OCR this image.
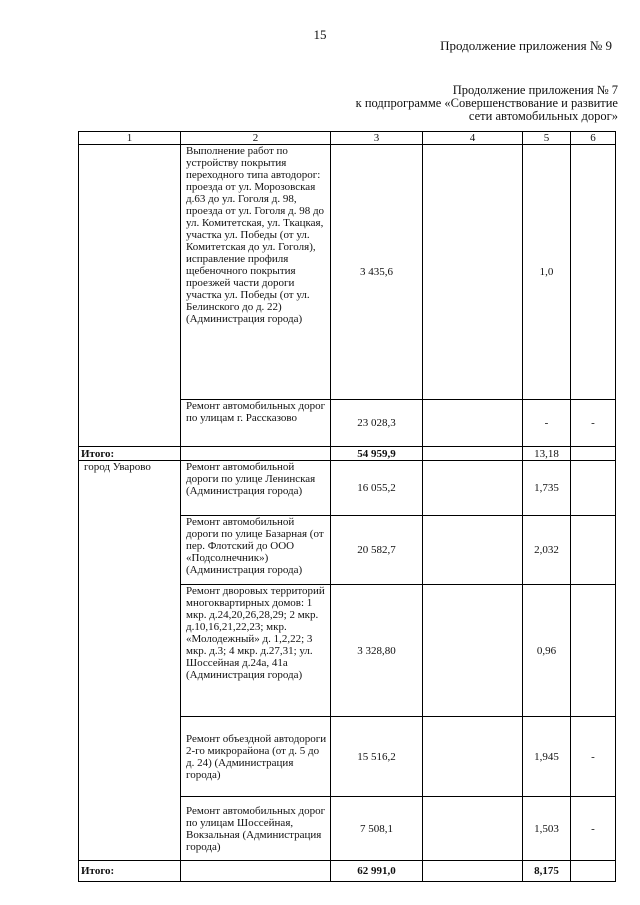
15
Продолжение приложения № 9
Продолжение приложения № 7
к подпрограмме «Совершенствование и развитие
сети автомобильных дорог»
1	2	3	4	5	6
	Выполнение работ по устройству покрытия переходного типа автодорог: проезда от ул. Морозовская д.63 до ул. Гоголя д. 98, проезда от ул. Гоголя д. 98 до ул. Комитетская, ул. Ткацкая, участка ул. Победы (от ул. Комитетская до ул. Гоголя), исправление профиля щебеночного покрытия проезжей части дороги участка ул. Победы (от ул. Белинского до д. 22) (Администрация города)	3 435,6		1,0	
	Ремонт автомобильных дорог по улицам г. Рассказово	23 028,3		-	-
Итого:		54 959,9		13,18	
город Уварово	Ремонт автомобильной дороги по улице Ленинская (Администрация города)	16 055,2		1,735	
	Ремонт автомобильной дороги по улице Базарная (от пер. Флотский до ООО «Подсолнечник») (Администрация города)	20 582,7		2,032	
	Ремонт дворовых территорий многоквартирных домов: 1 мкр. д.24,20,26,28,29; 2 мкр. д.10,16,21,22,23; мкр. «Молодежный» д. 1,2,22; 3 мкр. д.3; 4 мкр. д.27,31; ул. Шоссейная д.24а, 41а (Администрация города)	3 328,80		0,96	
	Ремонт объездной автодороги 2-го микрорайона (от д. 5 до д. 24) (Администрация города)	15 516,2		1,945	-
	Ремонт автомобильных дорог по улицам Шоссейная, Вокзальная (Администрация города)	7 508,1		1,503	-
Итого:		62 991,0		8,175	
